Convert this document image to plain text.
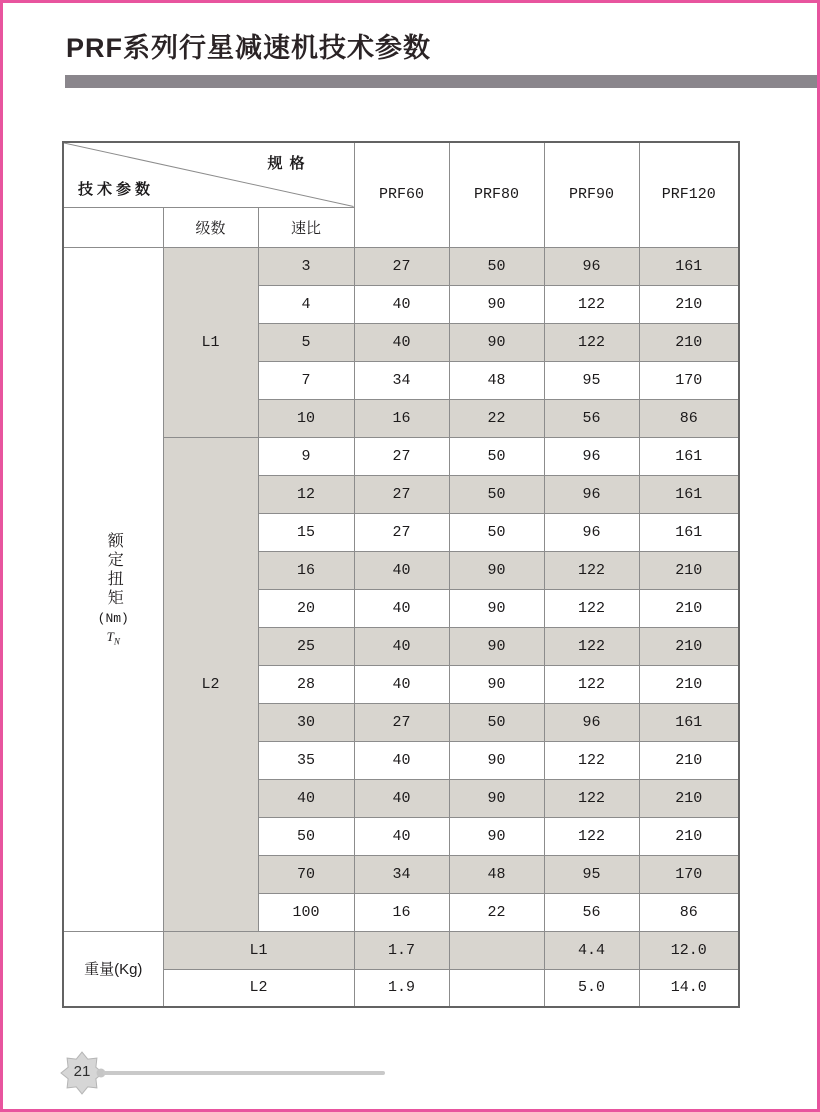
PRF系列行星减速机技术参数
规格
技术参数			PRF60	PRF80	PRF90	PRF120
	级数	速比				

额定扭矩
(Nm)
$T_N$	L1	3	27	50	96	161
		4	40	90	122	210
		5	40	90	122	210
		7	34	48	95	170
		10	16	22	56	86
	L2	9	27	50	96	161
		12	27	50	96	161
		15	27	50	96	161
		16	40	90	122	210
		20	40	90	122	210
		25	40	90	122	210
		28	40	90	122	210
		30	27	50	96	161
		35	40	90	122	210
		40	40	90	122	210
		50	40	90	122	210
		70	34	48	95	170
		100	16	22	56	86
重量(Kg)	L1		1.7		4.4	12.0
	L2		1.9		5.0	14.0
21
